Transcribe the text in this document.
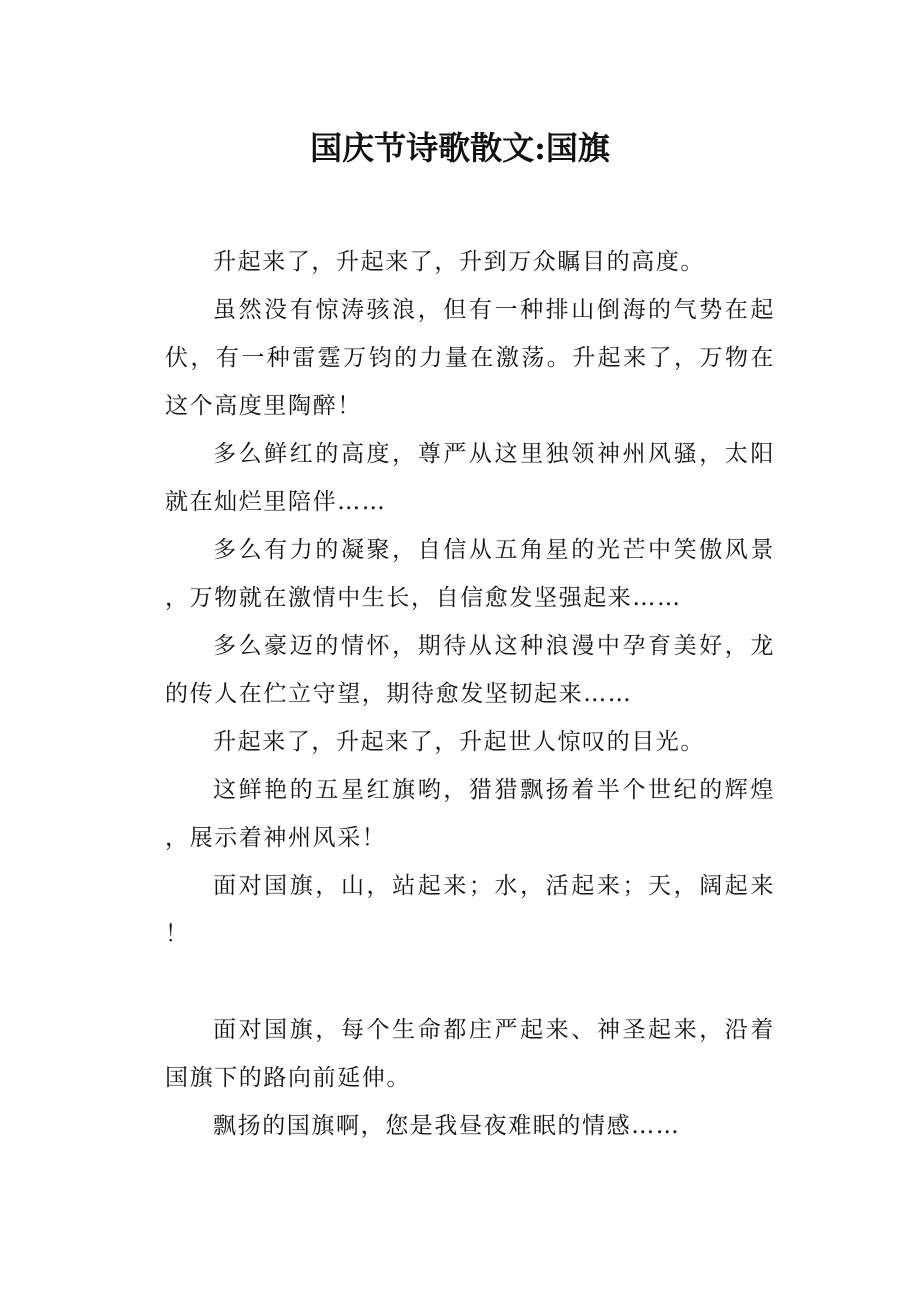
国庆节诗歌散文:国旗

升起来了，升起来了，升到万众瞩目的高度。

虽然没有惊涛骇浪，但有一种排山倒海的气势在起伏，有一种雷霆万钧的力量在激荡。升起来了，万物在这个高度里陶醉！

多么鲜红的高度，尊严从这里独领神州风骚，太阳就在灿烂里陪伴……

多么有力的凝聚，自信从五角星的光芒中笑傲风景，万物就在激情中生长，自信愈发坚强起来……

多么豪迈的情怀，期待从这种浪漫中孕育美好，龙的传人在伫立守望，期待愈发坚韧起来……

升起来了，升起来了，升起世人惊叹的目光。

这鲜艳的五星红旗哟，猎猎飘扬着半个世纪的辉煌，展示着神州风采！

面对国旗，山，站起来；水，活起来；天，阔起来！

面对国旗，每个生命都庄严起来、神圣起来，沿着国旗下的路向前延伸。

飘扬的国旗啊，您是我昼夜难眠的情感……
